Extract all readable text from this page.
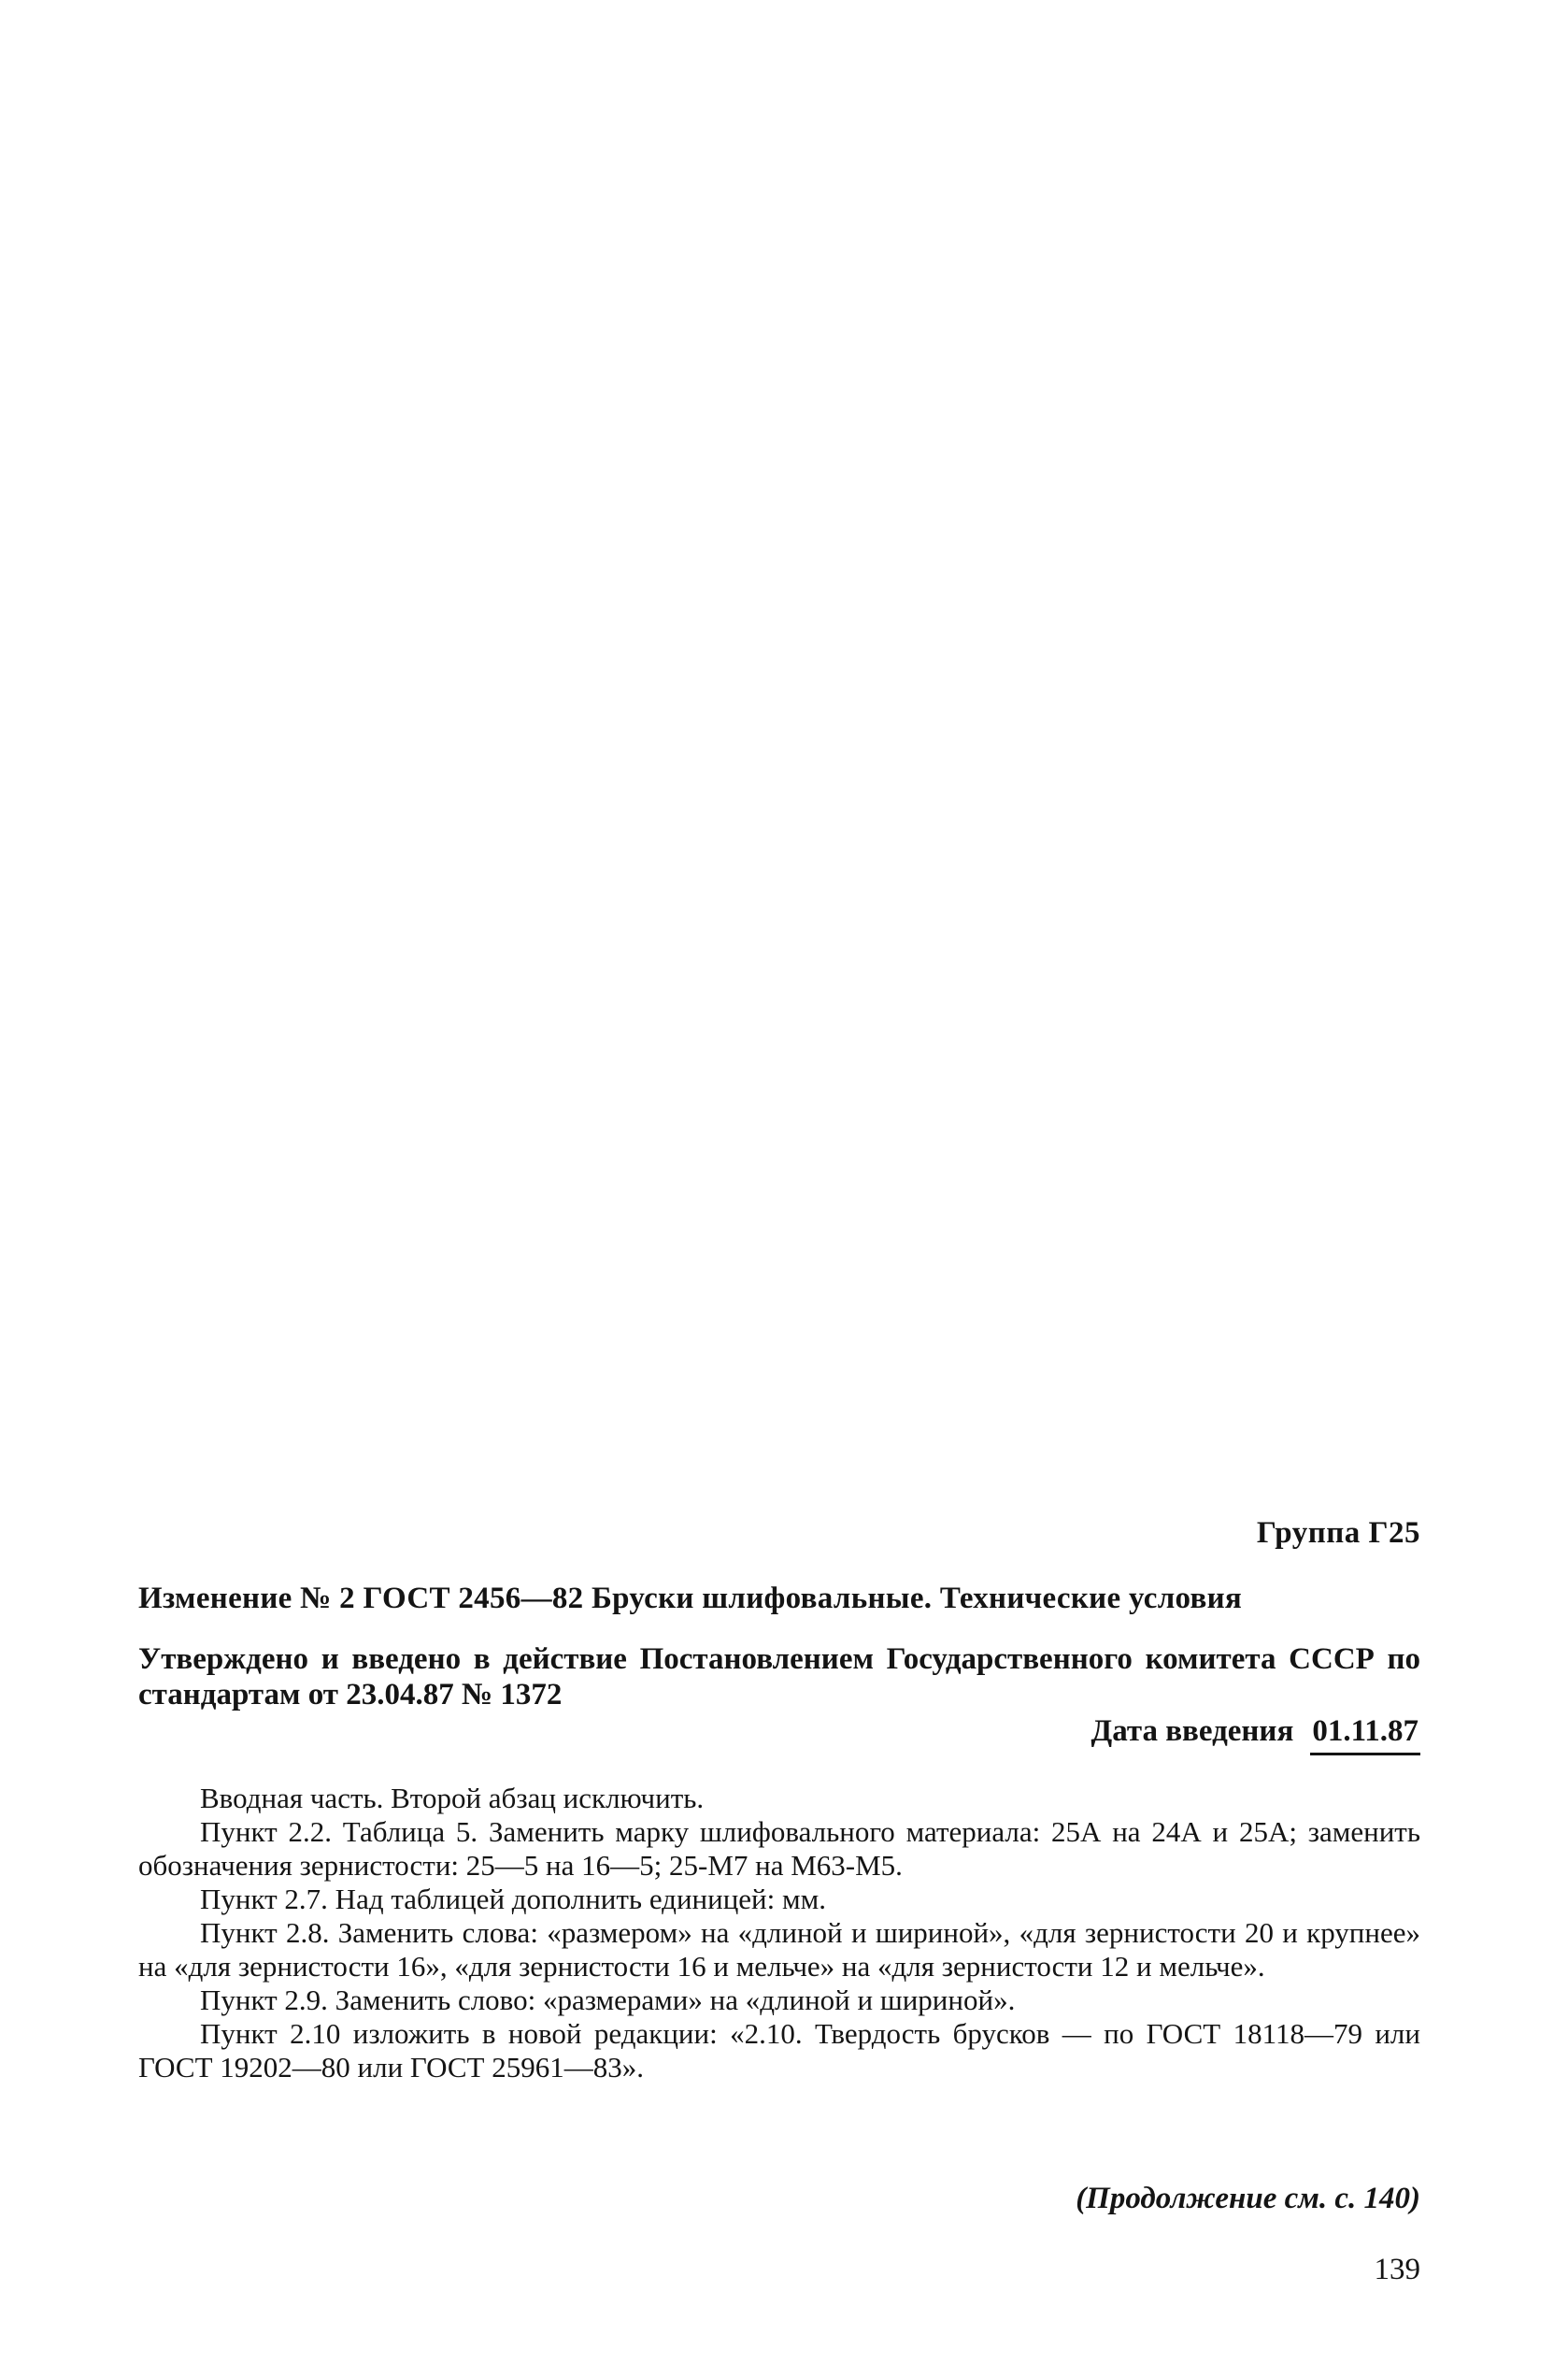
Группа Г25
Изменение № 2 ГОСТ 2456—82 Бруски шлифовальные. Технические условия
Утверждено и введено в действие Постановлением Государственного комитета СССР по стандартам от 23.04.87 № 1372
Дата введения 01.11.87

Вводная часть. Второй абзац исключить.

Пункт 2.2. Таблица 5. Заменить марку шлифовального материала: 25А на 24А и 25А; заменить обозначения зернистости: 25—5 на 16—5; 25-М7 на М63-М5.

Пункт 2.7. Над таблицей дополнить единицей: мм.

Пункт 2.8. Заменить слова: «размером» на «длиной и шириной», «для зернистости 20 и крупнее» на «для зернистости 16», «для зернистости 16 и мельче» на «для зернистости 12 и мельче».

Пункт 2.9. Заменить слово: «размерами» на «длиной и шириной».

Пункт 2.10 изложить в новой редакции: «2.10. Твердость брусков — по ГОСТ 18118—79 или ГОСТ 19202—80 или ГОСТ 25961—83».

(Продолжение см. с. 140)
139
